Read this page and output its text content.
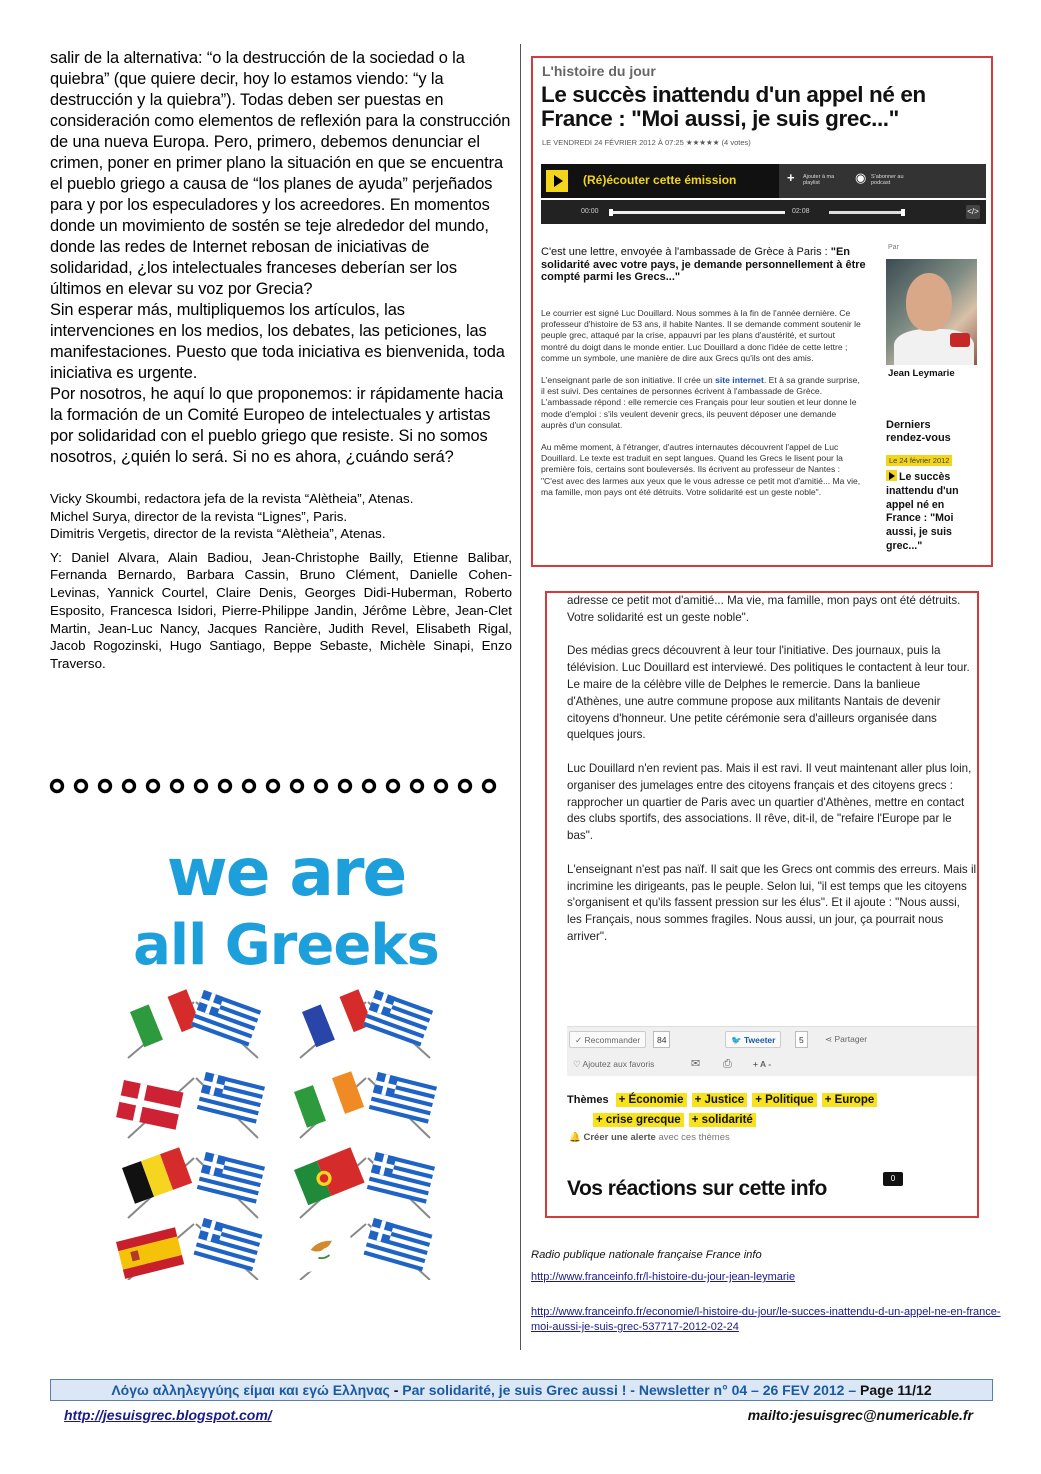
salir de la alternativa: “o la destrucción de la sociedad o la quiebra” (que quiere decir, hoy lo estamos viendo: “y la destrucción y la quiebra”). Todas deben ser puestas en consideración como elementos de reflexión para la construcción de una nueva Europa. Pero, primero, debemos denunciar el crimen, poner en primer plano la situación en que se encuentra el pueblo griego a causa de “los planes de ayuda” perjeñados para y por los especuladores y los acreedores. En momentos donde un movimiento de sostén se teje alrededor del mundo, donde las redes de Internet rebosan de iniciativas de solidaridad, ¿los intelectuales franceses deberían ser los últimos en elevar su voz por Grecia?

Sin esperar más, multipliquemos los artículos, las intervenciones en los medios, los debates, las peticiones, las manifestaciones. Puesto que toda iniciativa es bienvenida, toda iniciativa es urgente.

Por nosotros, he aquí lo que proponemos: ir rápidamente hacia la formación de un Comité Europeo de intelectuales y artistas por solidaridad con el pueblo griego que resiste. Si no somos nosotros, ¿quién lo será. Si no es ahora, ¿cuándo será?

Vicky Skoumbi, redactora jefa de la revista “Alètheia”, Atenas.

Michel Surya, director de la revista “Lignes”, Paris.

Dimitris Vergetis, director de la revista “Alètheia”, Atenas.

Y: Daniel Alvara, Alain Badiou, Jean-Christophe Bailly, Etienne Balibar, Fernanda Bernardo, Barbara Cassin, Bruno Clément, Danielle Cohen-Levinas, Yannick Courtel, Claire Denis, Georges Didi-Huberman, Roberto Esposito, Francesca Isidori, Pierre-Philippe Jandin, Jérôme Lèbre, Jean-Clet Martin, Jean-Luc Nancy, Jacques Rancière, Judith Revel, Elisabeth Rigal, Jacob Rogozinski, Hugo Santiago, Beppe Sebaste, Michèle Sinapi, Enzo Traverso.

we are
all Greeks
L'histoire du jour
Le succès inattendu d'un appel né en France : "Moi aussi, je suis grec..."
LE VENDREDI 24 FÉVRIER 2012 À 07:25 ★★★★★ (4 votes)
(Ré)écouter cette émission	+	Ajouter à ma playlist	◉ S'abonner au podcast
00:00	02:08	</>
C'est une lettre, envoyée à l'ambassade de Grèce à Paris : "En solidarité avec votre pays, je demande personnellement à être compté parmi les Grecs..."

Le courrier est signé Luc Douillard. Nous sommes à la fin de l'année dernière. Ce professeur d'histoire de 53 ans, il habite Nantes. Il se demande comment soutenir le peuple grec, attaqué par la crise, appauvri par les plans d'austérité, et surtout montré du doigt dans le monde entier. Luc Douillard a donc l'idée de cette lettre ; comme un symbole, une manière de dire aux Grecs qu'ils ont des amis.

L'enseignant parle de son initiative. Il crée un site internet. Et à sa grande surprise, il est suivi. Des centaines de personnes écrivent à l'ambassade de Grèce. L'ambassade répond : elle remercie ces Français pour leur soutien et leur donne le mode d'emploi : s'ils veulent devenir grecs, ils peuvent déposer une demande auprès d'un consulat.

Au même moment, à l'étranger, d'autres internautes découvrent l'appel de Luc Douillard. Le texte est traduit en sept langues. Quand les Grecs le lisent pour la première fois, certains sont bouleversés. Ils écrivent au professeur de Nantes : "C'est avec des larmes aux yeux que le vous adresse ce petit mot d'amitié... Ma vie, ma famille, mon pays ont été détruits. Votre solidarité est un geste noble".

Par
Jean Leymarie
Derniers rendez-vous
Le 24 février 2012
Le succès inattendu d'un appel né en France : "Moi aussi, je suis grec..."

adresse ce petit mot d'amitié... Ma vie, ma famille, mon pays ont été détruits. Votre solidarité est un geste noble".

Des médias grecs découvrent à leur tour l'initiative. Des journaux, puis la télévision. Luc Douillard est interviewé. Des politiques le contactent à leur tour. Le maire de la célèbre ville de Delphes le remercie. Dans la banlieue d'Athènes, une autre commune propose aux militants Nantais de devenir citoyens d'honneur. Une petite cérémonie sera d'ailleurs organisée dans quelques jours.

Luc Douillard n'en revient pas. Mais il est ravi. Il veut maintenant aller plus loin, organiser des jumelages entre des citoyens français et des citoyens grecs : rapprocher un quartier de Paris avec un quartier d'Athènes, mettre en contact des clubs sportifs, des associations. Il rêve, dit-il, de "refaire l'Europe par le bas".

L'enseignant n'est pas naïf. Il sait que les Grecs ont commis des erreurs. Mais il incrimine les dirigeants, pas le peuple. Selon lui, "il est temps que les citoyens s'organisent et qu'ils fassent pression sur les élus". Et il ajoute : "Nous aussi, les Français, nous sommes fragiles. Nous aussi, un jour, ça pourrait nous arriver".

✓ Recommander	84	🐦 Tweeter	5	⋖ Partager
♡ Ajoutez aux favoris	✉ ⎙ + A -
Thèmes + Économie + Justice + Politique + Europe
+ crise grecque + solidarité
🔔 Créer une alerte avec ces thèmes
Vos réactions sur cette info	0
Radio publique nationale française France info
http://www.franceinfo.fr/l-histoire-du-jour-jean-leymarie
http://www.franceinfo.fr/economie/l-histoire-du-jour/le-succes-inattendu-d-un-appel-ne-en-france-moi-aussi-je-suis-grec-537717-2012-02-24
Λόγω αλληλεγγύης είμαι και εγώ Ελληνας - Par solidarité, je suis Grec aussi ! - Newsletter n° 04 – 26 FEV 2012 – Page 11/12
http://jesuisgrec.blogspot.com/	mailto:jesuisgrec@numericable.fr
